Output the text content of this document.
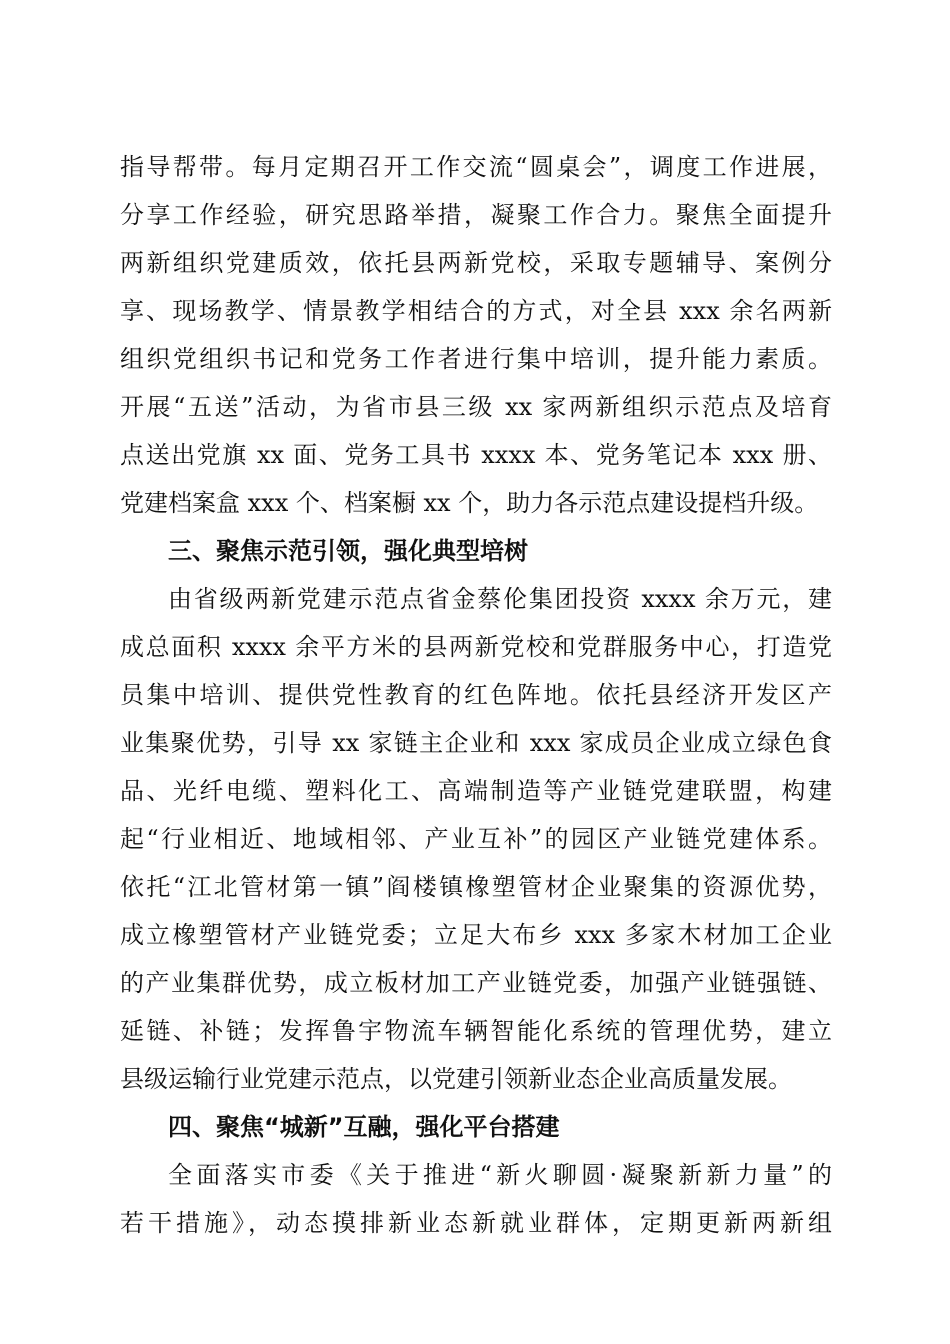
指导帮带。每月定期召开工作交流“圆桌会”，调度工作进展，
分享工作经验，研究思路举措，凝聚工作合力。聚焦全面提升
两新组织党建质效，依托县两新党校，采取专题辅导、案例分
享、现场教学、情景教学相结合的方式，对全县 xxx 余名两新
组织党组织书记和党务工作者进行集中培训，提升能力素质。
开展“五送”活动，为省市县三级 xx 家两新组织示范点及培育
点送出党旗 xx 面、党务工具书 xxxx 本、党务笔记本 xxx 册、
党建档案盒 xxx 个、档案橱 xx 个，助力各示范点建设提档升级。
三、聚焦示范引领，强化典型培树
由省级两新党建示范点省金蔡伦集团投资 xxxx 余万元，建
成总面积 xxxx 余平方米的县两新党校和党群服务中心，打造党
员集中培训、提供党性教育的红色阵地。依托县经济开发区产
业集聚优势，引导 xx 家链主企业和 xxx 家成员企业成立绿色食
品、光纤电缆、塑料化工、高端制造等产业链党建联盟，构建
起“行业相近、地域相邻、产业互补”的园区产业链党建体系。
依托“江北管材第一镇”阎楼镇橡塑管材企业聚集的资源优势，
成立橡塑管材产业链党委；立足大布乡 xxx 多家木材加工企业
的产业集群优势，成立板材加工产业链党委，加强产业链强链、
延链、补链；发挥鲁宇物流车辆智能化系统的管理优势，建立
县级运输行业党建示范点，以党建引领新业态企业高质量发展。
四、聚焦“城新”互融，强化平台搭建
全面落实市委《关于推进“新火聊圆·凝聚新新力量”的
若干措施》，动态摸排新业态新就业群体，定期更新两新组
